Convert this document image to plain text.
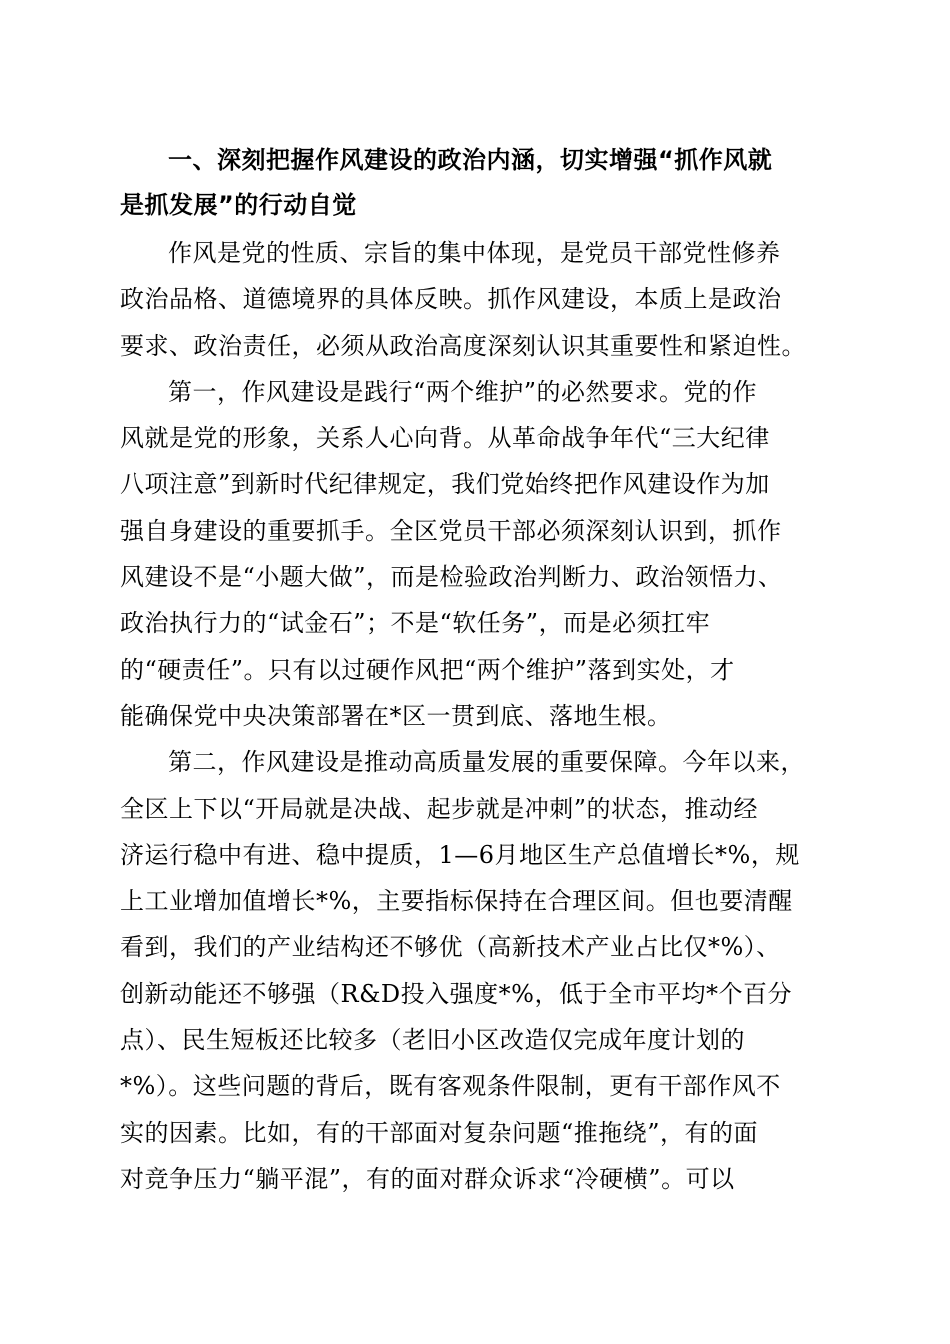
一、深刻把握作风建设的政治内涵，切实增强“抓作风就
是抓发展”的行动自觉

作风是党的性质、宗旨的集中体现，是党员干部党性修养
政治品格、道德境界的具体反映。抓作风建设，本质上是政治
要求、政治责任，必须从政治高度深刻认识其重要性和紧迫性。

第一，作风建设是践行“两个维护”的必然要求。党的作
风就是党的形象，关系人心向背。从革命战争年代“三大纪律
八项注意”到新时代纪律规定，我们党始终把作风建设作为加
强自身建设的重要抓手。全区党员干部必须深刻认识到，抓作
风建设不是“小题大做”，而是检验政治判断力、政治领悟力、
政治执行力的“试金石”；不是“软任务”，而是必须扛牢
的“硬责任”。只有以过硬作风把“两个维护”落到实处，才
能确保党中央决策部署在*区一贯到底、落地生根。

第二，作风建设是推动高质量发展的重要保障。今年以来，
全区上下以“开局就是决战、起步就是冲刺”的状态，推动经
济运行稳中有进、稳中提质，1—6月地区生产总值增长*%，规
上工业增加值增长*%，主要指标保持在合理区间。但也要清醒
看到，我们的产业结构还不够优（高新技术产业占比仅*%）、
创新动能还不够强（R&D投入强度*%，低于全市平均*个百分
点）、民生短板还比较多（老旧小区改造仅完成年度计划的
*%）。这些问题的背后，既有客观条件限制，更有干部作风不
实的因素。比如，有的干部面对复杂问题“推拖绕”，有的面
对竞争压力“躺平混”，有的面对群众诉求“冷硬横”。可以
